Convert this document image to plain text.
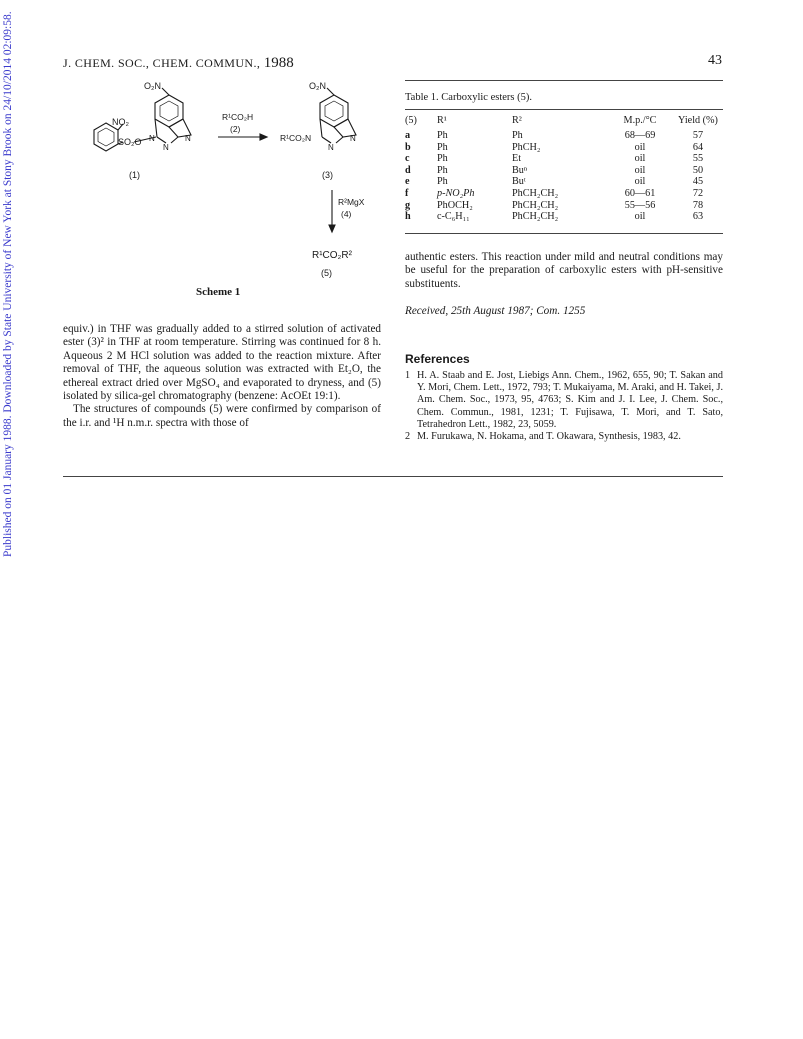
Published on 01 January 1988. Downloaded by State University of New York at Stony Brook on 24/10/2014 02:09:58.	J. CHEM. SOC., CHEM. COMMUN., 1988	43
NO₂
SO₂O
O₂N
N
N
N
R¹CO₂H
(2)
(1)
O₂N
R¹CO₂N
N
N
(3)
R²MgX
(4)
R¹CO₂R²
(5)
Scheme 1

equiv.) in THF was gradually added to a stirred solution of activated ester (3)² in THF at room temperature. Stirring was continued for 8 h. Aqueous 2 M HCl solution was added to the reaction mixture. After removal of THF, the aqueous solution was extracted with Et₂O, the ethereal extract dried over MgSO₄ and evaporated to dryness, and (5) isolated by silica-gel chromatography (benzene: AcOEt 19:1).

The structures of compounds (5) were confirmed by comparison of the i.r. and ¹H n.m.r. spectra with those of

Table 1. Carboxylic esters (5).
(5)	R¹	R²	M.p./°C	Yield (%)
a	Ph	Ph	68—69	57
b	Ph	PhCH₂	oil	64
c	Ph	Et	oil	55
d	Ph	Buⁿ	oil	50
e	Ph	Buᵗ	oil	45
f	p-NO₂Ph	PhCH₂CH₂	60—61	72
g	PhOCH₂	PhCH₂CH₂	55—56	78
h	c-C₆H₁₁	PhCH₂CH₂	oil	63
authentic esters. This reaction under mild and neutral conditions may be useful for the preparation of carboxylic esters with pH-sensitive substituents.
Received, 25th August 1987; Com. 1255
References
1 H. A. Staab and E. Jost, Liebigs Ann. Chem., 1962, 655, 90; T. Sakan and Y. Mori, Chem. Lett., 1972, 793; T. Mukaiyama, M. Araki, and H. Takei, J. Am. Chem. Soc., 1973, 95, 4763; S. Kim and J. I. Lee, J. Chem. Soc., Chem. Commun., 1981, 1231; T. Fujisawa, T. Mori, and T. Sato, Tetrahedron Lett., 1982, 23, 5059.
2 M. Furukawa, N. Hokama, and T. Okawara, Synthesis, 1983, 42.
